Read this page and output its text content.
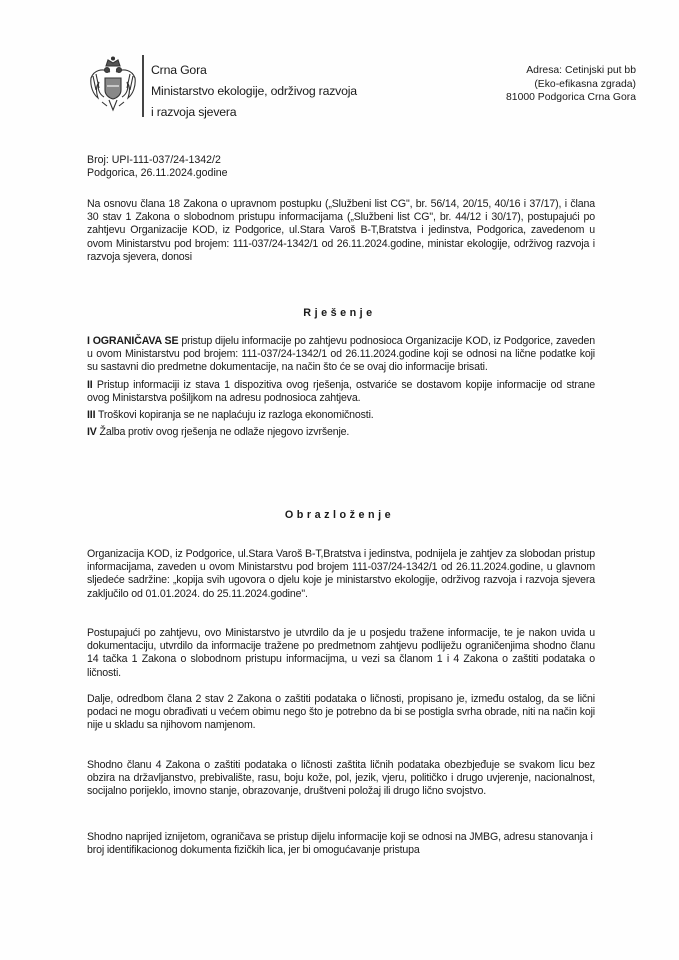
Crna Gora
Ministarstvo ekologije, održivog razvoja
i razvoja sjevera
Adresa: Cetinjski put bb
(Eko-efikasna zgrada)
81000 Podgorica Crna Gora
Broj: UPI-111-037/24-1342/2
Podgorica, 26.11.2024.godine

Na osnovu člana 18 Zakona o upravnom postupku („Službeni list CG", br. 56/14, 20/15, 40/16 i 37/17), i člana 30 stav 1 Zakona o slobodnom pristupu informacijama („Službeni list CG", br. 44/12 i 30/17), postupajući po zahtjevu Organizacije KOD, iz Podgorice, ul.Stara Varoš B-T,Bratstva i jedinstva, Podgorica, zavedenom u ovom Ministarstvu pod brojem: 111-037/24-1342/1 od 26.11.2024.godine, ministar ekologije, održivog razvoja i razvoja sjevera, donosi

Rješenje

I OGRANIČAVA SE pristup dijelu informacije po zahtjevu podnosioca Organizacije KOD, iz Podgorice, zaveden u ovom Ministarstvu pod brojem: 111-037/24-1342/1 od 26.11.2024.godine koji se odnosi na lične podatke koji su sastavni dio predmetne dokumentacije, na način što će se ovaj dio informacije brisati.

II Pristup informaciji iz stava 1 dispozitiva ovog rješenja, ostvariće se dostavom kopije informacije od strane ovog Ministarstva pošiljkom na adresu podnosioca zahtjeva.

III Troškovi kopiranja se ne naplaćuju iz razloga ekonomičnosti.

IV Žalba protiv ovog rješenja ne odlaže njegovo izvršenje.

Obrazloženje

Organizacija KOD, iz Podgorice, ul.Stara Varoš B-T,Bratstva i jedinstva, podnijela je zahtjev za slobodan pristup informacijama, zaveden u ovom Ministarstvu pod brojem 111-037/24-1342/1 od 26.11.2024.godine, u glavnom sljedeće sadržine: „kopija svih ugovora o djelu koje je ministarstvo ekologije, održivog razvoja i razvoja sjevera zaključilo od 01.01.2024. do 25.11.2024.godine".

Postupajući po zahtjevu, ovo Ministarstvo je utvrdilo da je u posjedu tražene informacije, te je nakon uvida u dokumentaciju, utvrdilo da informacije tražene po predmetnom zahtjevu podliježu ograničenjima shodno članu 14 tačka 1 Zakona o slobodnom pristupu informacijma, u vezi sa članom 1 i 4 Zakona o zaštiti podataka o ličnosti.

Dalje, odredbom člana 2 stav 2 Zakona o zaštiti podataka o ličnosti, propisano je, između ostalog, da se lični podaci ne mogu obrađivati u većem obimu nego što je potrebno da bi se postigla svrha obrade, niti na način koji nije u skladu sa njihovom namjenom.

Shodno članu 4 Zakona o zaštiti podataka o ličnosti zaštita ličnih podataka obezbjeđuje se svakom licu bez obzira na državljanstvo, prebivalište, rasu, boju kože, pol, jezik, vjeru, političko i drugo uvjerenje, nacionalnost, socijalno porijeklo, imovno stanje, obrazovanje, društveni položaj ili drugo lično svojstvo.

Shodno naprijed iznijetom, ograničava se pristup dijelu informacije koji se odnosi na JMBG, adresu stanovanja i broj identifikacionog dokumenta fizičkih lica, jer bi omogućavanje pristupa
